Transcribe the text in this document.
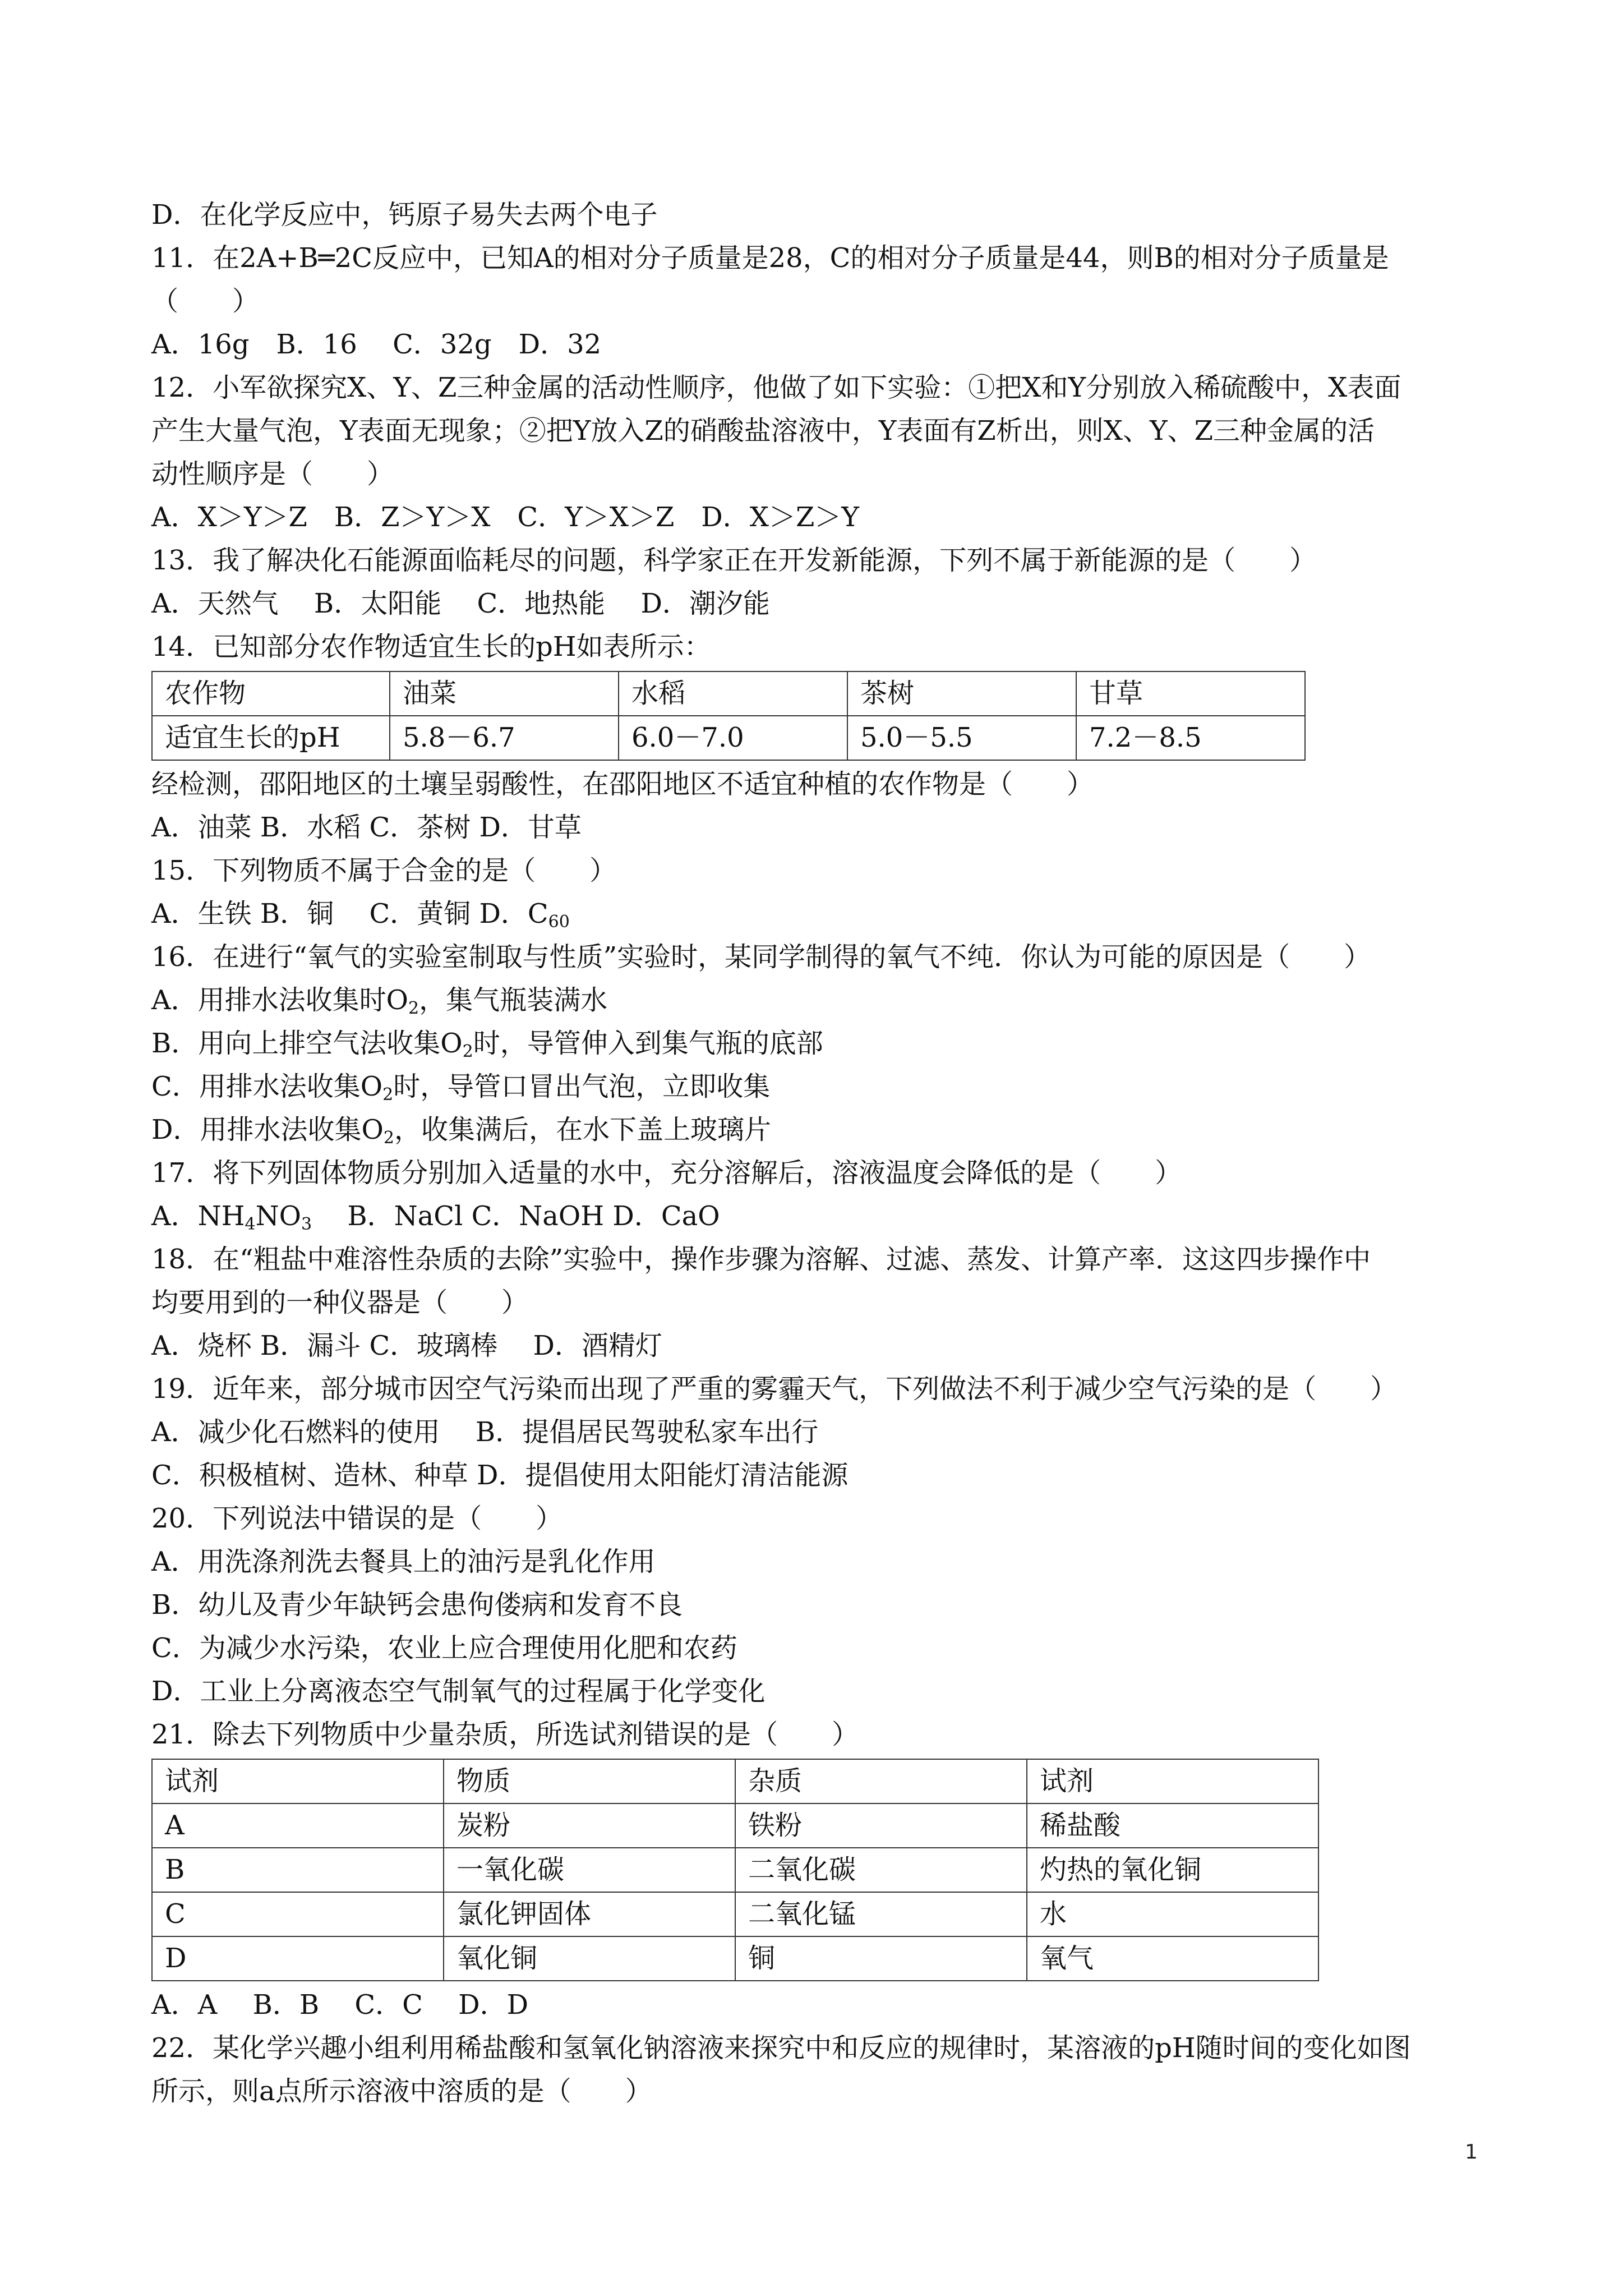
D．在化学反应中，钙原子易失去两个电子
11．在2A+B═2C反应中，已知A的相对分子质量是28，C的相对分子质量是44，则B的相对分子质量是
（　　）
A．16g　B．16　 C．32g　D．32
12．小军欲探究X、Y、Z三种金属的活动性顺序，他做了如下实验：①把X和Y分别放入稀硫酸中，X表面
产生大量气泡，Y表面无现象；②把Y放入Z的硝酸盐溶液中，Y表面有Z析出，则X、Y、Z三种金属的活
动性顺序是（　　）
A．X＞Y＞Z　B．Z＞Y＞X　C．Y＞X＞Z　D．X＞Z＞Y
13．我了解决化石能源面临耗尽的问题，科学家正在开发新能源，下列不属于新能源的是（　　）
A．天然气　 B．太阳能　 C．地热能　 D．潮汐能
14．已知部分农作物适宜生长的pH如表所示：
农作物	油菜	水稻	茶树	甘草
适宜生长的pH	5.8－6.7	6.0－7.0	5.0－5.5	7.2－8.5
经检测，邵阳地区的土壤呈弱酸性，在邵阳地区不适宜种植的农作物是（　　）
A．油菜 B．水稻 C．茶树 D．甘草
15．下列物质不属于合金的是（　　）
A．生铁 B．铜　 C．黄铜 D．$C_{60}$
16．在进行“氧气的实验室制取与性质”实验时，某同学制得的氧气不纯．你认为可能的原因是（　　）
A．用排水法收集时$O_2$，集气瓶装满水
B．用向上排空气法收集$O_2$时，导管伸入到集气瓶的底部
C．用排水法收集$O_2$时，导管口冒出气泡，立即收集
D．用排水法收集$O_2$，收集满后，在水下盖上玻璃片
17．将下列固体物质分别加入适量的水中，充分溶解后，溶液温度会降低的是（　　）
A．$NH_4NO_3$　 B．NaCl C．NaOH D．CaO
18．在“粗盐中难溶性杂质的去除”实验中，操作步骤为溶解、过滤、蒸发、计算产率．这这四步操作中
均要用到的一种仪器是（　　）
A．烧杯 B．漏斗 C．玻璃棒　 D．酒精灯
19．近年来，部分城市因空气污染而出现了严重的雾霾天气，下列做法不利于减少空气污染的是（　　）
A．减少化石燃料的使用　 B．提倡居民驾驶私家车出行
C．积极植树、造林、种草 D．提倡使用太阳能灯清洁能源
20．下列说法中错误的是（　　）
A．用洗涤剂洗去餐具上的油污是乳化作用
B．幼儿及青少年缺钙会患佝偻病和发育不良
C．为减少水污染，农业上应合理使用化肥和农药
D．工业上分离液态空气制氧气的过程属于化学变化
21．除去下列物质中少量杂质，所选试剂错误的是（　　）
试剂	物质	杂质	试剂
A	炭粉	铁粉	稀盐酸
B	一氧化碳	二氧化碳	灼热的氧化铜
C	氯化钾固体	二氧化锰	水
D	氧化铜	铜	氧气
A．A　 B．B　 C．C　 D．D
22．某化学兴趣小组利用稀盐酸和氢氧化钠溶液来探究中和反应的规律时，某溶液的pH随时间的变化如图
所示，则a点所示溶液中溶质的是（　　）
1
